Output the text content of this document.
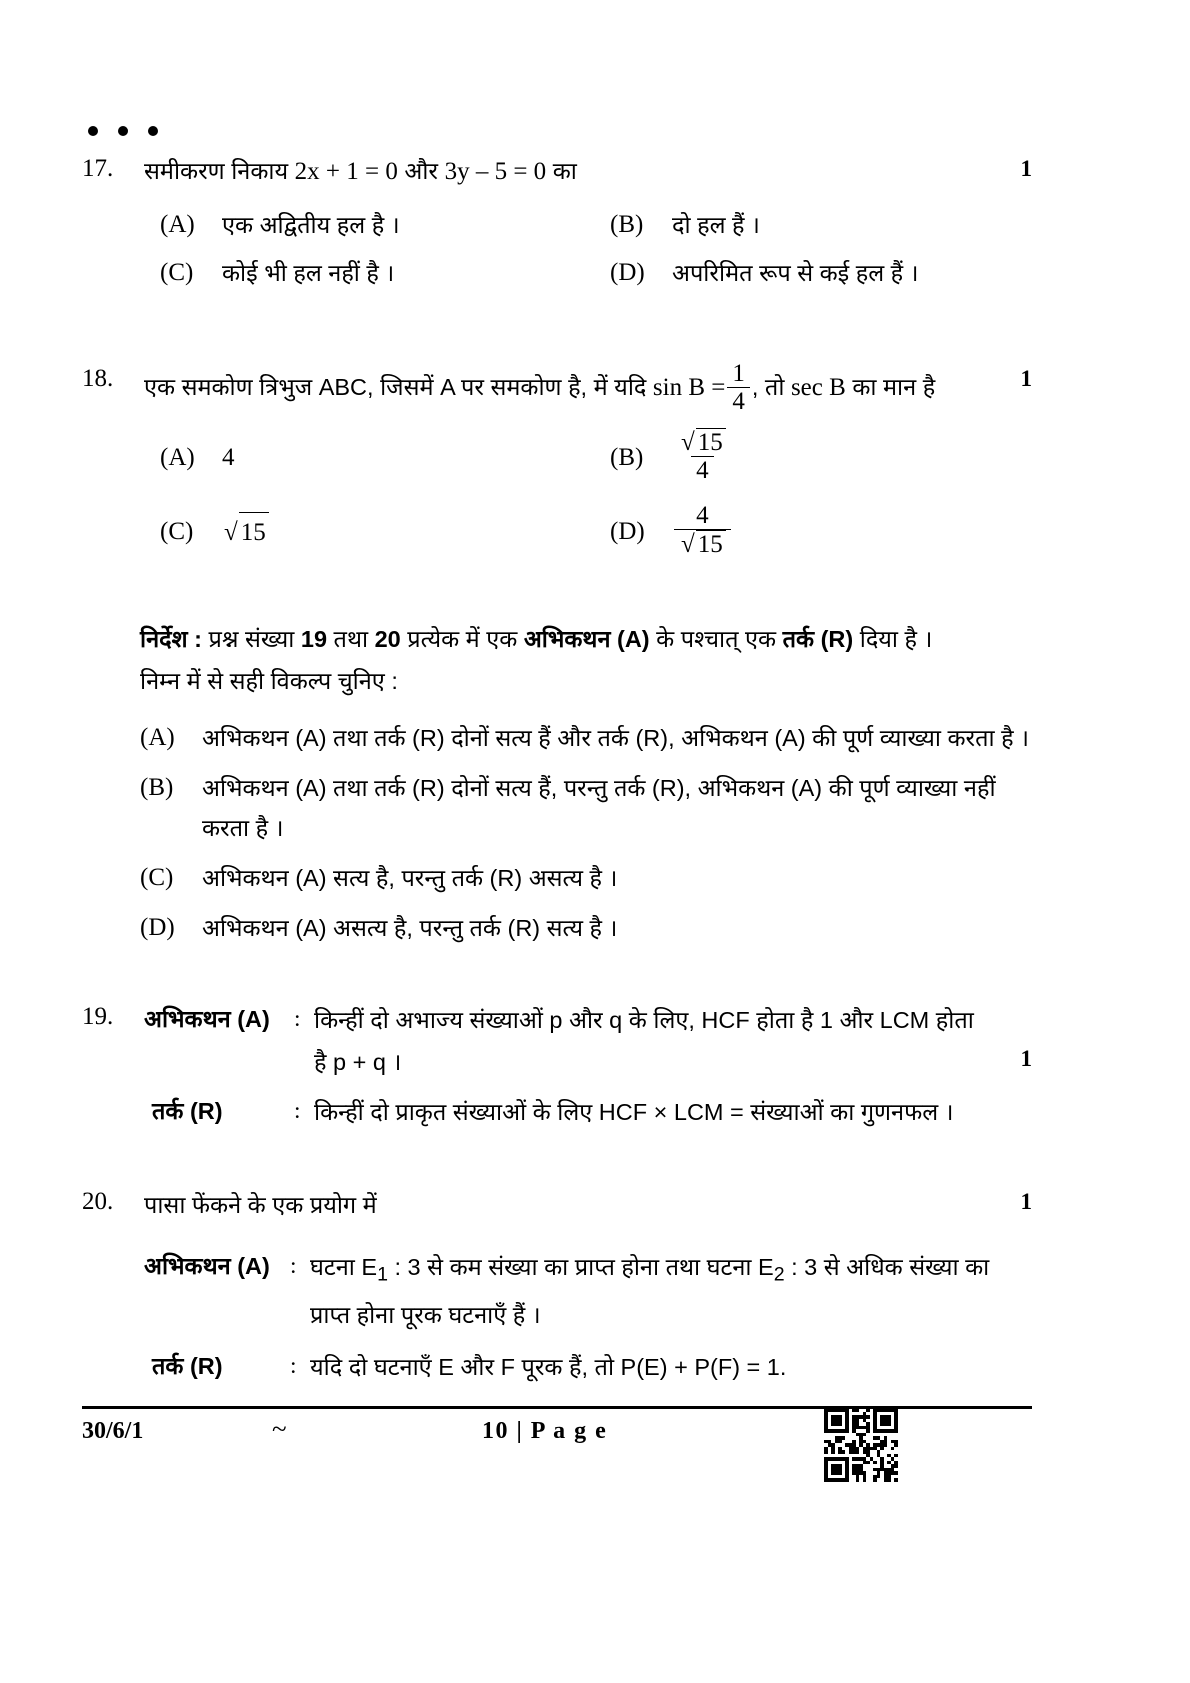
17.	समीकरण निकाय 2x + 1 = 0 और 3y – 5 = 0 का	1
(A)	एक अद्वितीय हल है ।	(B)	दो हल हैं ।
(C)	कोई भी हल नहीं है ।	(D)	अपरिमित रूप से कई हल हैं ।
18.	एक समकोण त्रिभुज ABC, जिसमें A पर समकोण है, में यदि $\sin B = \frac{1}{4}$ , तो sec B का मान है	1
(A)	4	(B)	$\frac{√ 15}{4}$
(C)	√ 15	(D)	$\frac{4}{√ 15}$
निर्देश : प्रश्न संख्या 19 तथा 20 प्रत्येक में एक अभिकथन (A) के पश्चात् एक तर्क (R) दिया है ।
निम्न में से सही विकल्प चुनिए :
(A)	अभिकथन (A) तथा तर्क (R) दोनों सत्य हैं और तर्क (R), अभिकथन (A) की पूर्ण व्याख्या करता है ।
(B)	अभिकथन (A) तथा तर्क (R) दोनों सत्य हैं, परन्तु तर्क (R), अभिकथन (A) की पूर्ण व्याख्या नहीं करता है ।
(C)	अभिकथन (A) सत्य है, परन्तु तर्क (R) असत्य है ।
(D)	अभिकथन (A) असत्य है, परन्तु तर्क (R) सत्य है ।
19.	अभिकथन (A) : किन्हीं दो अभाज्य संख्याओं p और q के लिए, HCF होता है 1 और LCM होता
है p + q ।	1
तर्क (R)	: किन्हीं दो प्राकृत संख्याओं के लिए HCF × LCM = संख्याओं का गुणनफल ।
20.	पासा फेंकने के एक प्रयोग में	1
अभिकथन (A) : घटना $E_1$ : 3 से कम संख्या का प्राप्त होना तथा घटना $E_2$ : 3 से अधिक संख्या का
प्राप्त होना पूरक घटनाएँ हैं ।
तर्क (R)	: यदि दो घटनाएँ E और F पूरक हैं, तो P(E) + P(F) = 1.
30/6/1	~	10 | P a g e
